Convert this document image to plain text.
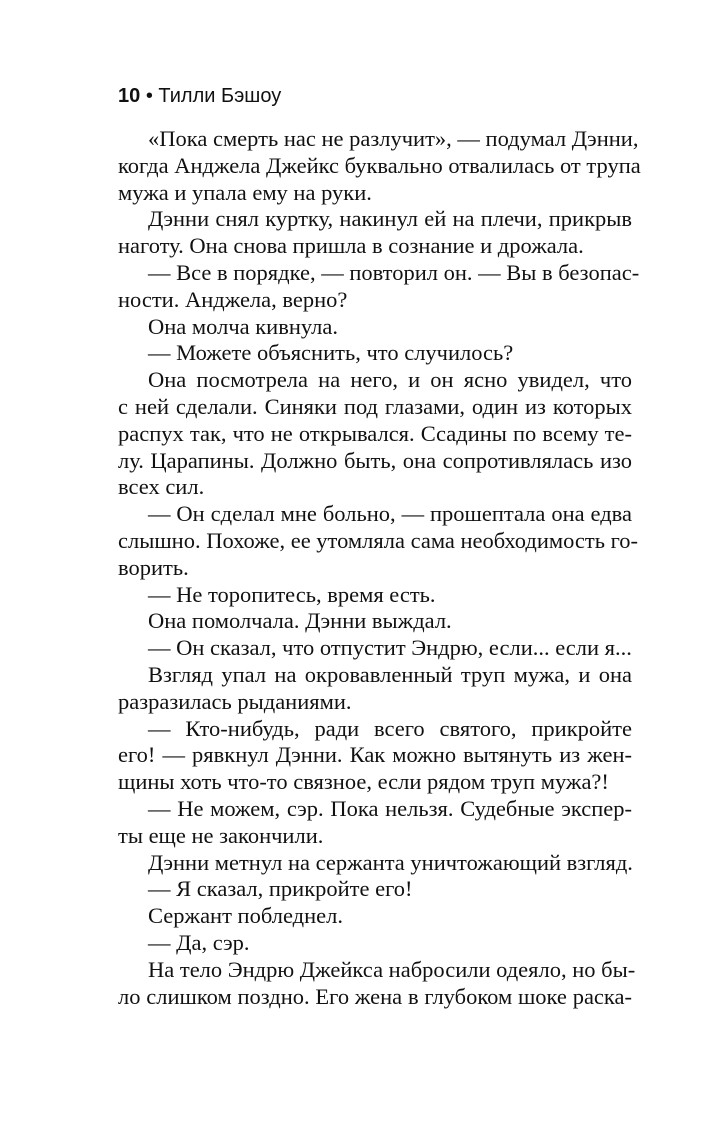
10 • Тилли Бэшоу
«Пока смерть нас не разлучит», — подумал Дэнни,
когда Анджела Джейкс буквально отвалилась от трупа
мужа и упала ему на руки.
Дэнни снял куртку, накинул ей на плечи, прикрыв
наготу. Она снова пришла в сознание и дрожала.
— Все в порядке, — повторил он. — Вы в безопас-
ности. Анджела, верно?
Она молча кивнула.
— Можете объяснить, что случилось?
Она посмотрела на него, и он ясно увидел, что
с ней сделали. Синяки под глазами, один из которых
распух так, что не открывался. Ссадины по всему те-
лу. Царапины. Должно быть, она сопротивлялась изо
всех сил.
— Он сделал мне больно, — прошептала она едва
слышно. Похоже, ее утомляла сама необходимость го-
ворить.
— Не торопитесь, время есть.
Она помолчала. Дэнни выждал.
— Он сказал, что отпустит Эндрю, если... если я...
Взгляд упал на окровавленный труп мужа, и она
разразилась рыданиями.
— Кто-нибудь, ради всего святого, прикройте
его! — рявкнул Дэнни. Как можно вытянуть из жен-
щины хоть что-то связное, если рядом труп мужа?!
— Не можем, сэр. Пока нельзя. Судебные экспер-
ты еще не закончили.
Дэнни метнул на сержанта уничтожающий взгляд.
— Я сказал, прикройте его!
Сержант побледнел.
— Да, сэр.
На тело Эндрю Джейкса набросили одеяло, но бы-
ло слишком поздно. Его жена в глубоком шоке раска-
